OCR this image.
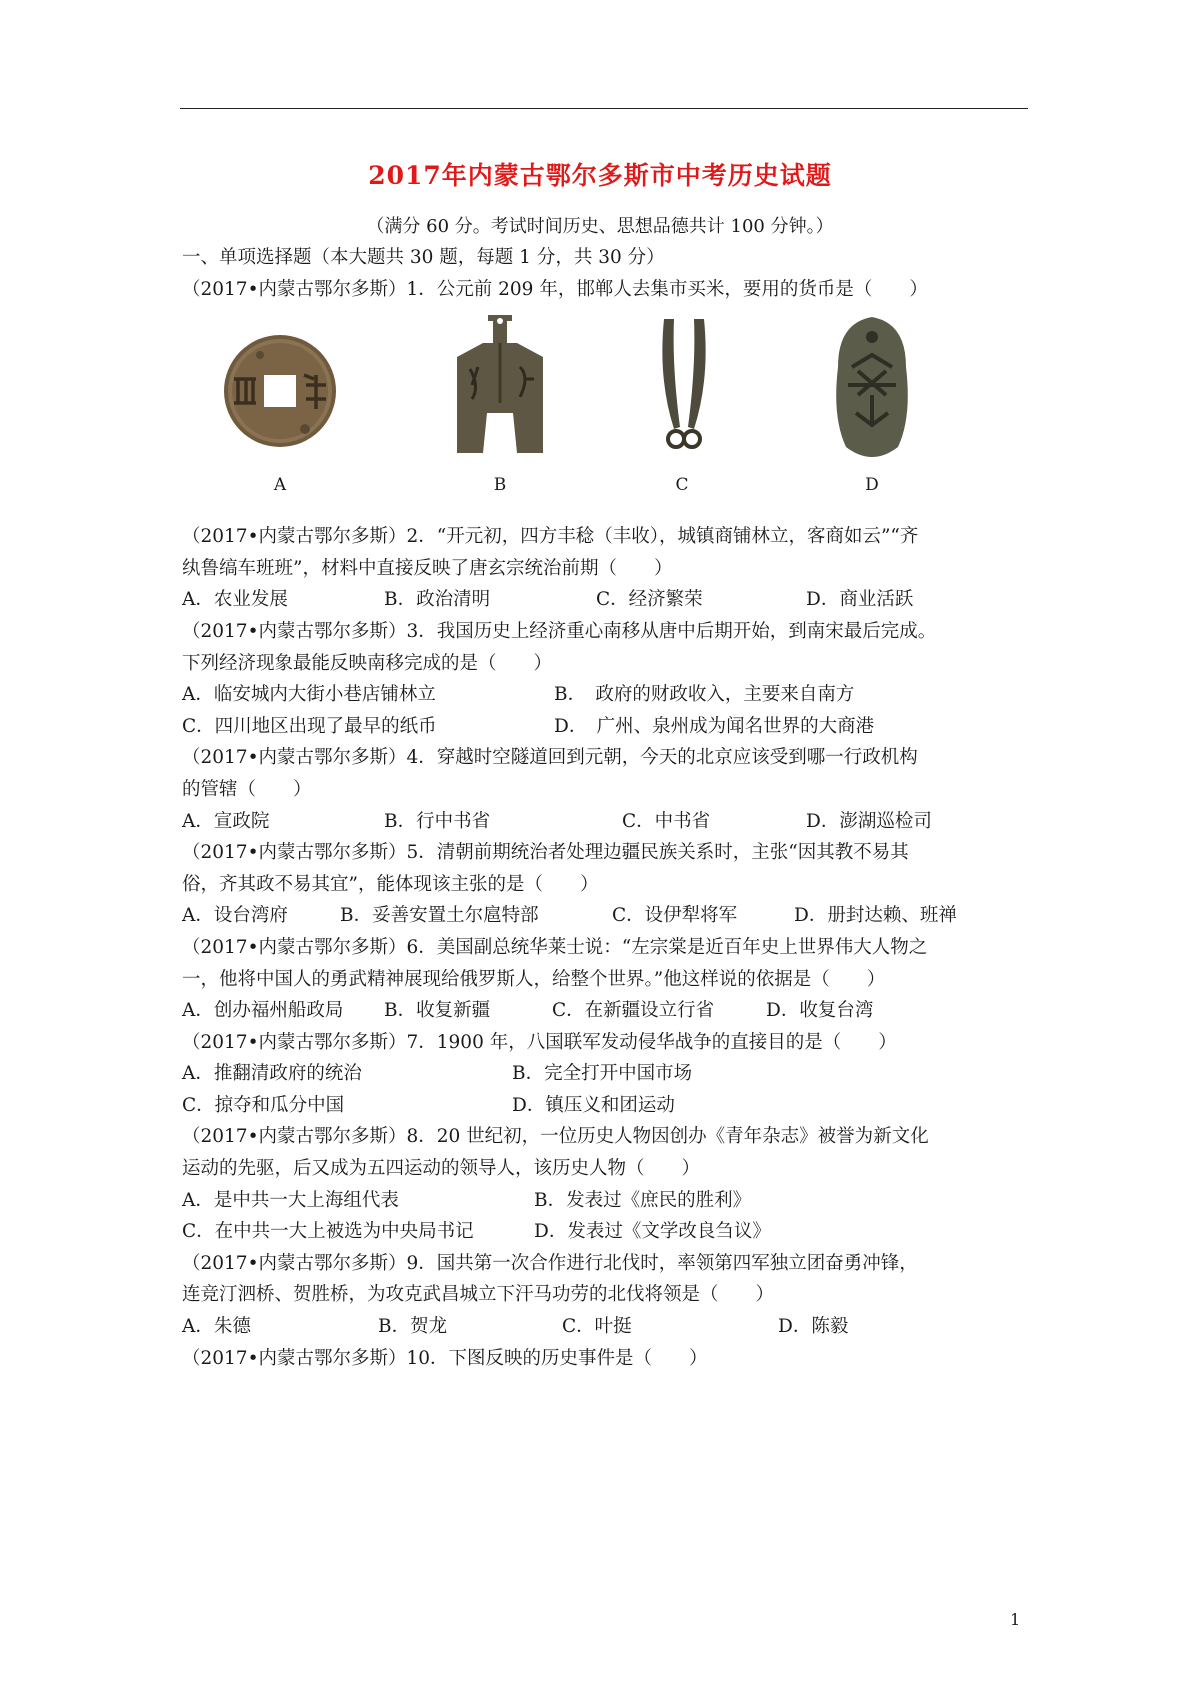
2017年内蒙古鄂尔多斯市中考历史试题
（满分 60 分。考试时间历史、思想品德共计 100 分钟。）
一、单项选择题（本大题共 30 题，每题 1 分，共 30 分）
（2017•内蒙古鄂尔多斯）1．公元前 209 年，邯郸人去集市买米，要用的货币是（　　）
A	B	C	D
（2017•内蒙古鄂尔多斯）2．“开元初，四方丰稔（丰收），城镇商铺林立，客商如云”“齐
纨鲁缟车班班”，材料中直接反映了唐玄宗统治前期（　　）
A．农业发展	B．政治清明	C．经济繁荣	D．商业活跃
（2017•内蒙古鄂尔多斯）3．我国历史上经济重心南移从唐中后期开始，到南宋最后完成。
下列经济现象最能反映南移完成的是（　　）
A．临安城内大街小巷店铺林立	B．　政府的财政收入，主要来自南方
C．四川地区出现了最早的纸币	D．　广州、泉州成为闻名世界的大商港
（2017•内蒙古鄂尔多斯）4．穿越时空隧道回到元朝，今天的北京应该受到哪一行政机构
的管辖（　　）
A．宣政院	B．行中书省	C．中书省	D．澎湖巡检司
（2017•内蒙古鄂尔多斯）5．清朝前期统治者处理边疆民族关系时，主张“因其教不易其
俗，齐其政不易其宜”，能体现该主张的是（　　）
A．设台湾府	B．妥善安置土尔扈特部	C．设伊犁将军	D．册封达赖、班禅
（2017•内蒙古鄂尔多斯）6．美国副总统华莱士说：“左宗棠是近百年史上世界伟大人物之
一，他将中国人的勇武精神展现给俄罗斯人，给整个世界。”他这样说的依据是（　　）
A．创办福州船政局 B．收复新疆	C．在新疆设立行省	D．收复台湾
（2017•内蒙古鄂尔多斯）7．1900 年，八国联军发动侵华战争的直接目的是（　　）
A．推翻清政府的统治	B．完全打开中国市场
C．掠夺和瓜分中国	D．镇压义和团运动
（2017•内蒙古鄂尔多斯）8．20 世纪初，一位历史人物因创办《青年杂志》被誉为新文化
运动的先驱，后又成为五四运动的领导人，该历史人物（　　）
A．是中共一大上海组代表	B．发表过《庶民的胜利》
C．在中共一大上被选为中央局书记	D．发表过《文学改良刍议》
（2017•内蒙古鄂尔多斯）9．国共第一次合作进行北伐时，率领第四军独立团奋勇冲锋，
连竞汀泗桥、贺胜桥，为攻克武昌城立下汗马功劳的北伐将领是（　　）
A．朱德	B．贺龙	C．叶挺	D．陈毅
（2017•内蒙古鄂尔多斯）10．下图反映的历史事件是（　　）
1
